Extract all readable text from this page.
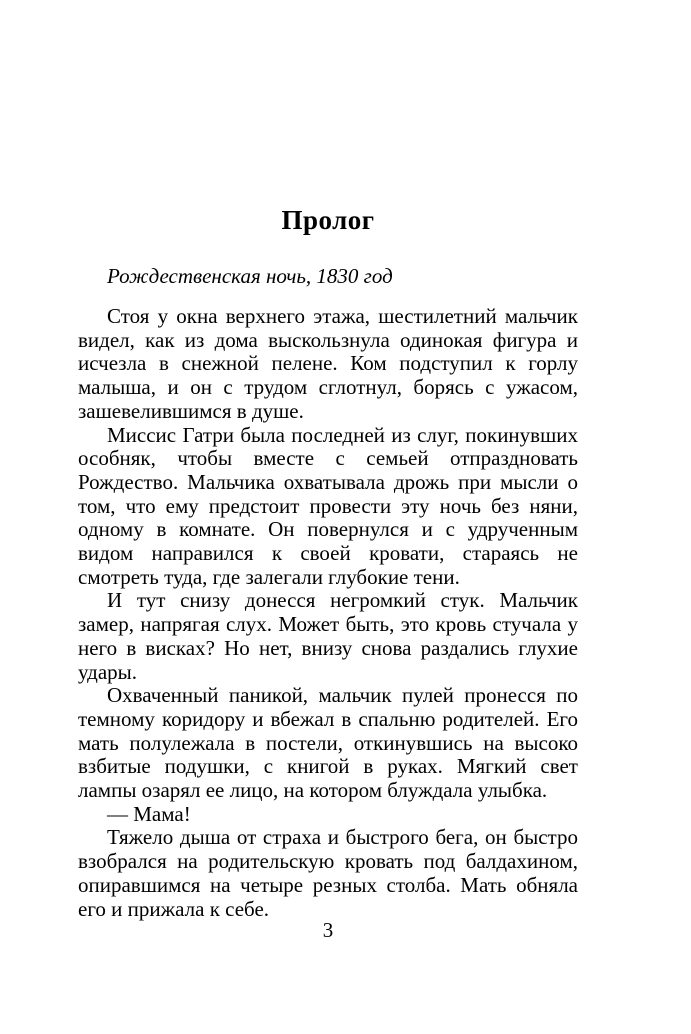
Пролог
Рождественская ночь, 1830 год

Стоя у окна верхнего этажа, шестилетний мальчик видел, как из дома выскользнула одинокая фигура и исчезла в снежной пелене. Ком подступил к горлу малыша, и он с трудом сглотнул, борясь с ужасом, зашевелившимся в душе.

Миссис Гатри была последней из слуг, покинувших особняк, чтобы вместе с семьей отпраздновать Рождество. Мальчика охватывала дрожь при мысли о том, что ему предстоит провести эту ночь без няни, одному в комнате. Он повернулся и с удрученным видом направился к своей кровати, стараясь не смотреть туда, где залегали глубокие тени.

И тут снизу донесся негромкий стук. Мальчик замер, напрягая слух. Может быть, это кровь стучала у него в висках? Но нет, внизу снова раздались глухие удары.

Охваченный паникой, мальчик пулей пронесся по темному коридору и вбежал в спальню родителей. Его мать полулежала в постели, откинувшись на высоко взбитые подушки, с книгой в руках. Мягкий свет лампы озарял ее лицо, на котором блуждала улыбка.

— Мама!

Тяжело дыша от страха и быстрого бега, он быстро взобрался на родительскую кровать под балдахином, опиравшимся на четыре резных столба. Мать обняла его и прижала к себе.

3
